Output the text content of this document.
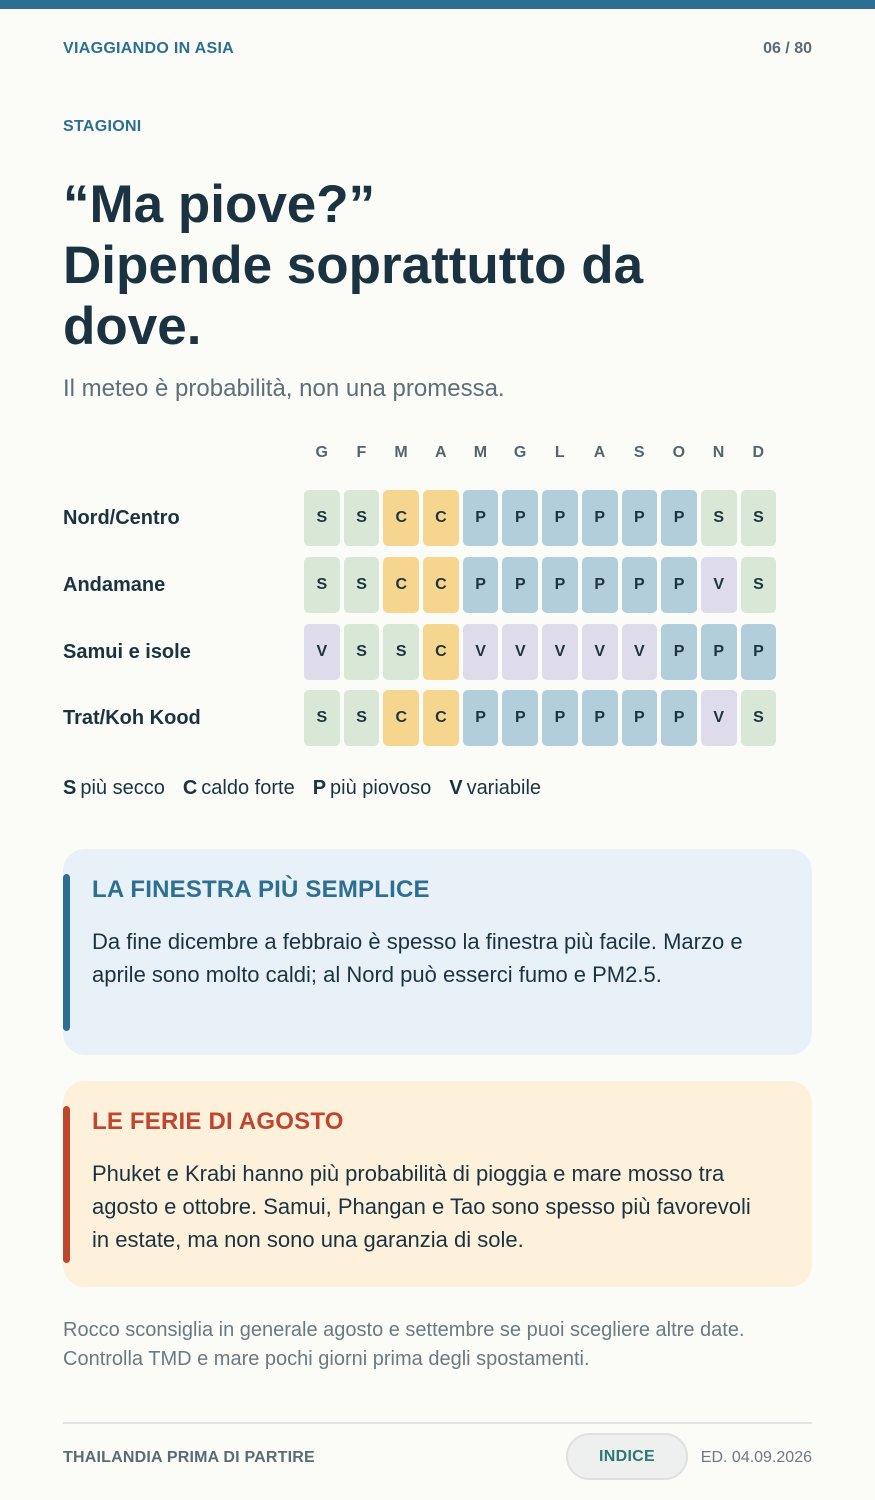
VIAGGIANDO IN ASIA	06 / 80
STAGIONI
“Ma piove?”
Dipende soprattutto da
dove.
Il meteo è probabilità, non una promessa.
G	F	M	A	M	G	L	A	S	O	N	D
Nord/Centro	S	S	C	C	P	P	P	P	P	P	S	S
Andamane	S	S	C	C	P	P	P	P	P	P	V	S
Samui e isole	V	S	S	C	V	V	V	V	V	P	P	P
Trat/Koh Kood	S	S	C	C	P	P	P	P	P	P	V	S
S più secco C caldo forte P più piovoso V variabile
LA FINESTRA PIÙ SEMPLICE
Da fine dicembre a febbraio è spesso la finestra più facile. Marzo e aprile sono molto caldi; al Nord può esserci fumo e PM2.5.
LE FERIE DI AGOSTO
Phuket e Krabi hanno più probabilità di pioggia e mare mosso tra agosto e ottobre. Samui, Phangan e Tao sono spesso più favorevoli in estate, ma non sono una garanzia di sole.
Rocco sconsiglia in generale agosto e settembre se puoi scegliere altre date. Controlla TMD e mare pochi giorni prima degli spostamenti.
THAILANDIA PRIMA DI PARTIRE	INDICE	ED. 04.09.2026
